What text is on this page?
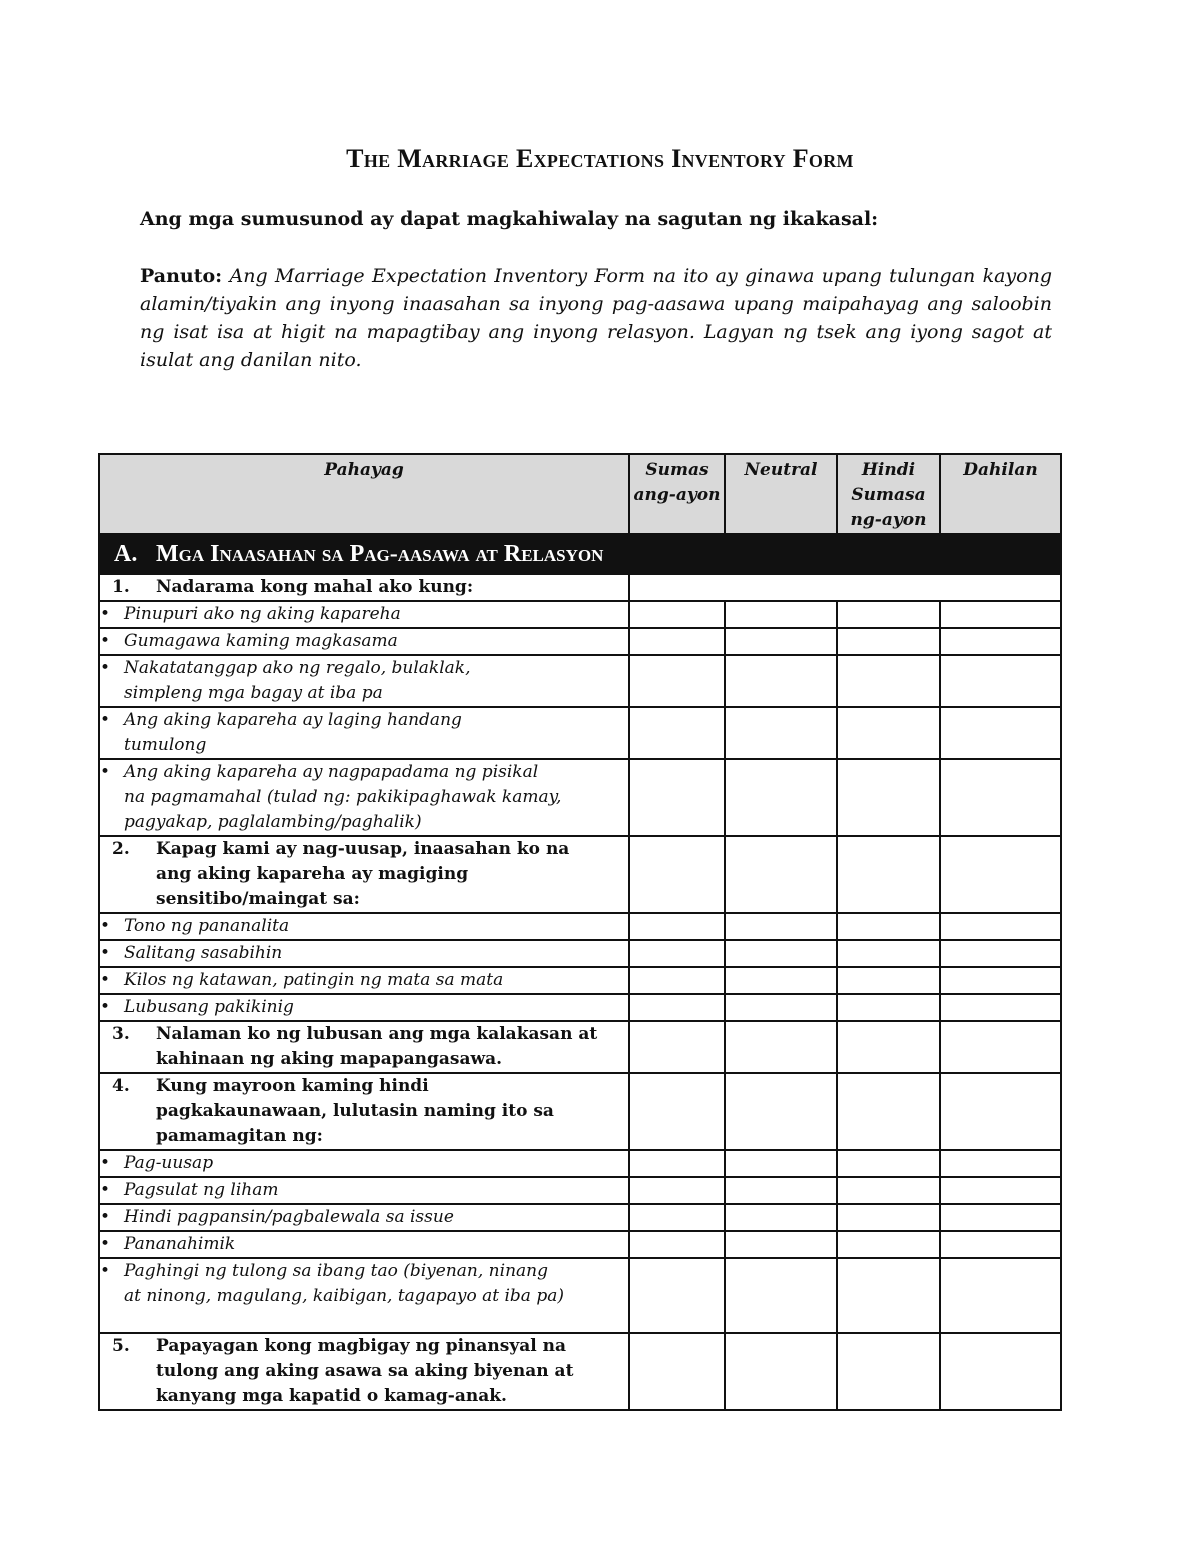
The Marriage Expectations Inventory Form
Ang mga sumusunod ay dapat magkahiwalay na sagutan ng ikakasal:
Panuto: Ang Marriage Expectation Inventory Form na ito ay ginawa upang tulungan kayong alamin/tiyakin ang inyong inaasahan sa inyong pag-aasawa upang maipahayag ang saloobin ng isat isa at higit na mapagtibay ang inyong relasyon. Lagyan ng tsek ang iyong sagot at isulat ang danilan nito.
Pahayag	Sumas ang-ayon	Neutral	Hindi Sumasa ng-ayon	Dahilan
A. Mga Inaasahan sa Pag-aasawa at Relasyon				
1. Nadarama kong mahal ako kung:				
• Pinupuri ako ng aking kapareha				
• Gumagawa kaming magkasama				
• Nakatatanggap ako ng regalo, bulaklak, simpleng mga bagay at iba pa				
• Ang aking kapareha ay laging handang tumulong				
• Ang aking kapareha ay nagpapadama ng pisikal na pagmamahal (tulad ng: pakikipaghawak kamay, pagyakap, paglalambing/paghalik)				
2. Kapag kami ay nag-uusap, inaasahan ko na ang aking kapareha ay magiging sensitibo/maingat sa:				
• Tono ng pananalita				
• Salitang sasabihin				
• Kilos ng katawan, patingin ng mata sa mata				
• Lubusang pakikinig				
3. Nalaman ko ng lubusan ang mga kalakasan at kahinaan ng aking mapapangasawa.				
4. Kung mayroon kaming hindi pagkakaunawaan, lulutasin naming ito sa pamamagitan ng:				
• Pag-uusap				
• Pagsulat ng liham				
• Hindi pagpansin/pagbalewala sa issue				
• Pananahimik				
• Paghingi ng tulong sa ibang tao (biyenan, ninang at ninong, magulang, kaibigan, tagapayo at iba pa)				
5. Papayagan kong magbigay ng pinansyal na tulong ang aking asawa sa aking biyenan at kanyang mga kapatid o kamag-anak.				
